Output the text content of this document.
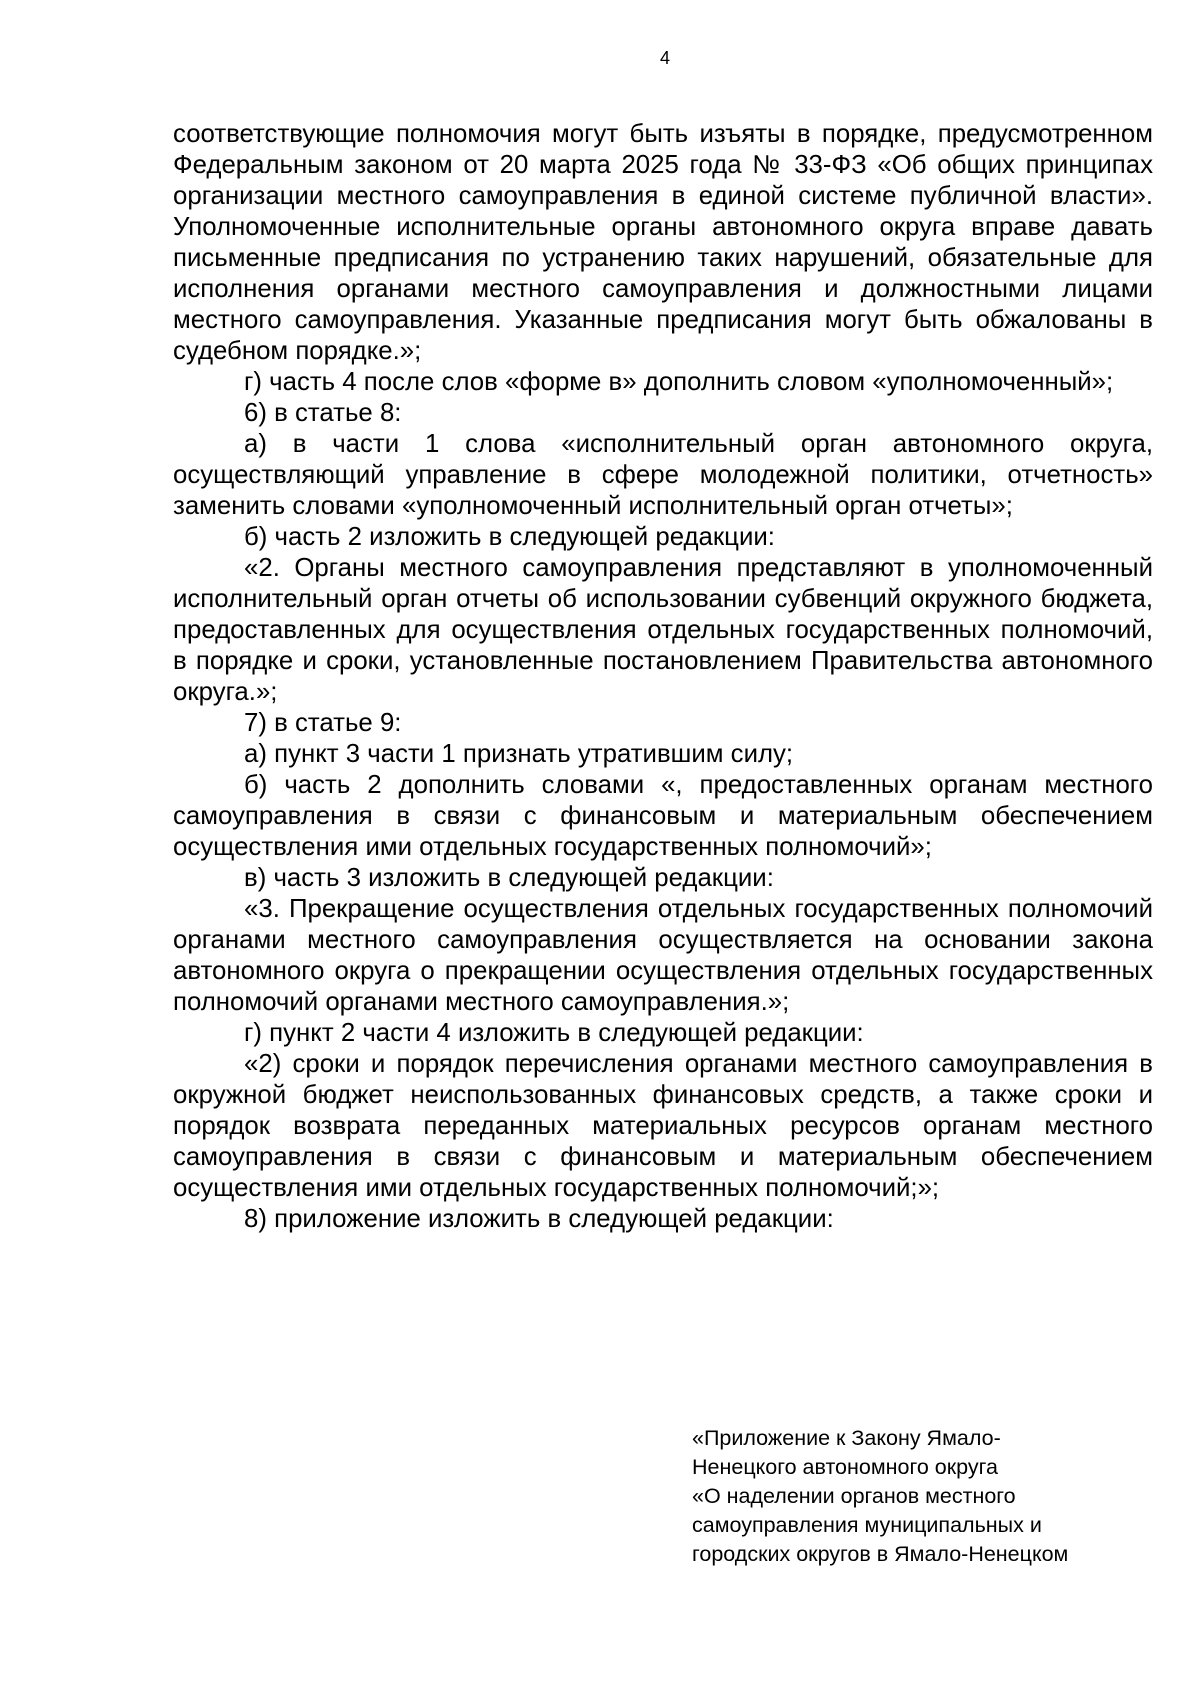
4

соответствующие полномочия могут быть изъяты в порядке, предусмотренном Федеральным законом от 20 марта 2025 года № 33-ФЗ «Об общих принципах организации местного самоуправления в единой системе публичной власти». Уполномоченные исполнительные органы автономного округа вправе давать письменные предписания по устранению таких нарушений, обязательные для исполнения органами местного самоуправления и должностными лицами местного самоуправления. Указанные предписания могут быть обжалованы в судебном порядке.»;

г) часть 4 после слов «форме в» дополнить словом «уполномоченный»;

6) в статье 8:

а) в части 1 слова «исполнительный орган автономного округа, осуществляющий управление в сфере молодежной политики, отчетность» заменить словами «уполномоченный исполнительный орган отчеты»;

б) часть 2 изложить в следующей редакции:

«2. Органы местного самоуправления представляют в уполномоченный исполнительный орган отчеты об использовании субвенций окружного бюджета, предоставленных для осуществления отдельных государственных полномочий, в порядке и сроки, установленные постановлением Правительства автономного округа.»;

7) в статье 9:

а) пункт 3 части 1 признать утратившим силу;

б) часть 2 дополнить словами «, предоставленных органам местного самоуправления в связи с финансовым и материальным обеспечением осуществления ими отдельных государственных полномочий»;

в) часть 3 изложить в следующей редакции:

«3. Прекращение осуществления отдельных государственных полномочий органами местного самоуправления осуществляется на основании закона автономного округа о прекращении осуществления отдельных государственных полномочий органами местного самоуправления.»;

г) пункт 2 части 4 изложить в следующей редакции:

«2) сроки и порядок перечисления органами местного самоуправления в окружной бюджет неиспользованных финансовых средств, а также сроки и порядок возврата переданных материальных ресурсов органам местного самоуправления в связи с финансовым и материальным обеспечением осуществления ими отдельных государственных полномочий;»;

8) приложение изложить в следующей редакции:

«Приложение к Закону Ямало-

Ненецкого автономного округа

«О наделении органов местного

самоуправления муниципальных и

городских округов в Ямало-Ненецком
